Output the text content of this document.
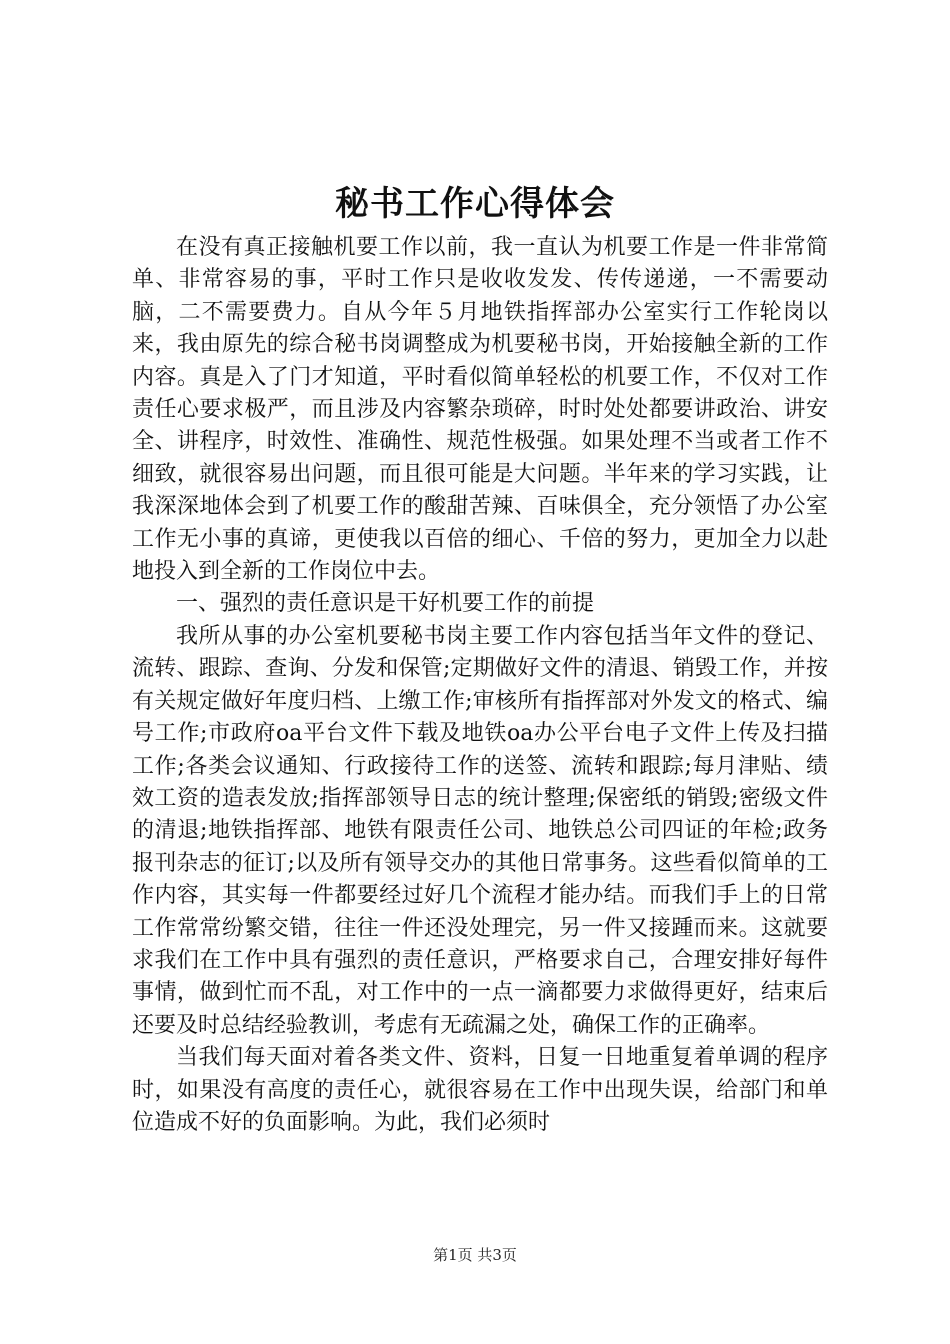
秘书工作心得体会

在没有真正接触机要工作以前，我一直认为机要工作是一件非常简单、非常容易的事，平时工作只是收收发发、传传递递，一不需要动脑，二不需要费力。自从今年５月地铁指挥部办公室实行工作轮岗以来，我由原先的综合秘书岗调整成为机要秘书岗，开始接触全新的工作内容。真是入了门才知道，平时看似简单轻松的机要工作，不仅对工作责任心要求极严，而且涉及内容繁杂琐碎，时时处处都要讲政治、讲安全、讲程序，时效性、准确性、规范性极强。如果处理不当或者工作不细致，就很容易出问题，而且很可能是大问题。半年来的学习实践，让我深深地体会到了机要工作的酸甜苦辣、百味俱全，充分领悟了办公室工作无小事的真谛，更使我以百倍的细心、千倍的努力，更加全力以赴地投入到全新的工作岗位中去。

一、强烈的责任意识是干好机要工作的前提

我所从事的办公室机要秘书岗主要工作内容包括当年文件的登记、流转、跟踪、查询、分发和保管;定期做好文件的清退、销毁工作，并按有关规定做好年度归档、上缴工作;审核所有指挥部对外发文的格式、编号工作;市政府oa平台文件下载及地铁oa办公平台电子文件上传及扫描工作;各类会议通知、行政接待工作的送签、流转和跟踪;每月津贴、绩效工资的造表发放;指挥部领导日志的统计整理;保密纸的销毁;密级文件的清退;地铁指挥部、地铁有限责任公司、地铁总公司四证的年检;政务报刊杂志的征订;以及所有领导交办的其他日常事务。这些看似简单的工作内容，其实每一件都要经过好几个流程才能办结。而我们手上的日常工作常常纷繁交错，往往一件还没处理完，另一件又接踵而来。这就要求我们在工作中具有强烈的责任意识，严格要求自己，合理安排好每件事情，做到忙而不乱，对工作中的一点一滴都要力求做得更好，结束后还要及时总结经验教训，考虑有无疏漏之处，确保工作的正确率。

当我们每天面对着各类文件、资料，日复一日地重复着单调的程序时，如果没有高度的责任心，就很容易在工作中出现失误，给部门和单位造成不好的负面影响。为此，我们必须时

第1页 共3页
